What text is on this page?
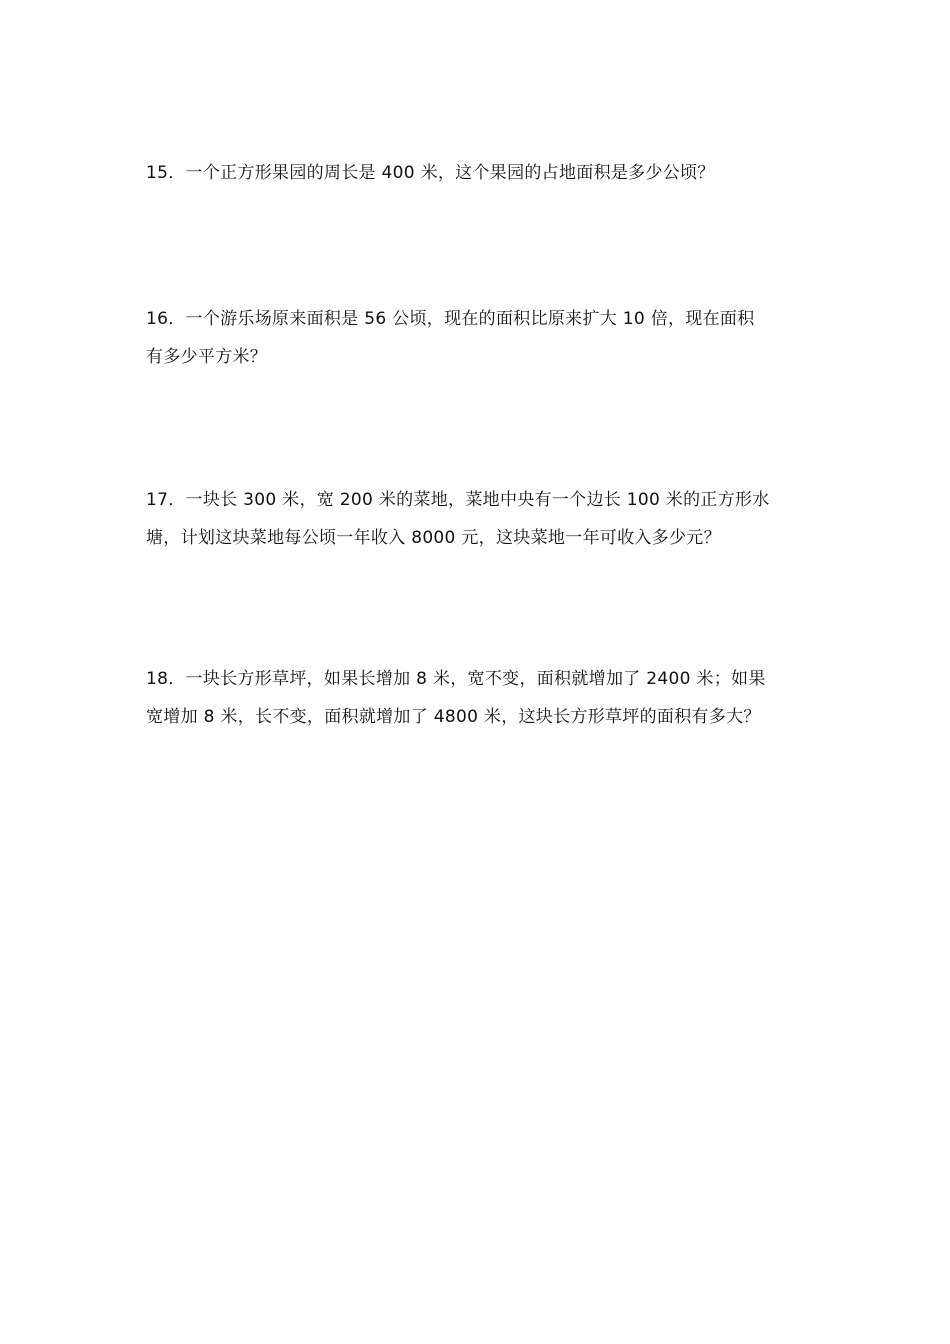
15．一个正方形果园的周长是 400 米，这个果园的占地面积是多少公顷？
16．一个游乐场原来面积是 56 公顷，现在的面积比原来扩大 10 倍，现在面积
有多少平方米？
17．一块长 300 米，宽 200 米的菜地，菜地中央有一个边长 100 米的正方形水
塘，计划这块菜地每公顷一年收入 8000 元，这块菜地一年可收入多少元？
18．一块长方形草坪，如果长增加 8 米，宽不变，面积就增加了 2400 米；如果
宽增加 8 米，长不变，面积就增加了 4800 米，这块长方形草坪的面积有多大？
